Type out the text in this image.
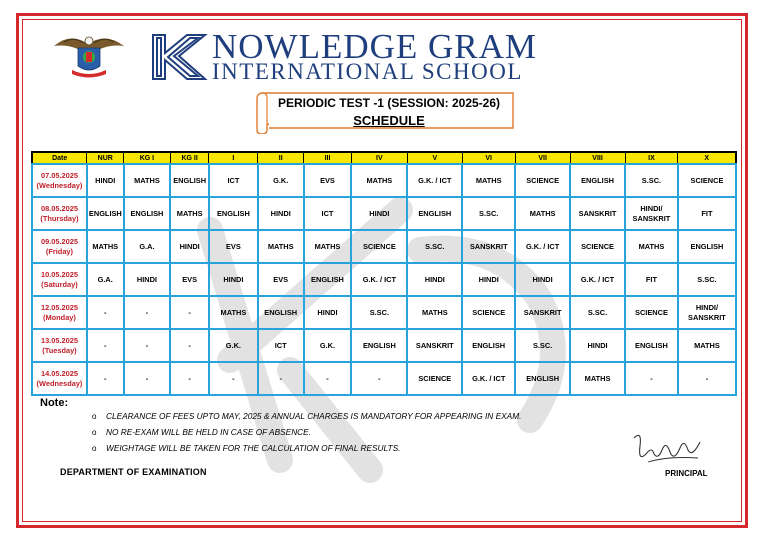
NOWLEDGE GRAM
INTERNATIONAL SCHOOL
PERIODIC TEST -1 (SESSION: 2025-26)
SCHEDULE
Date	NUR	KG I	KG II	I	II	III	IV	V	VI	VII	VIII	IX	X

07.05.2025
(Wednesday)	HINDI	MATHS	ENGLISH	ICT	G.K.	EVS	MATHS	G.K. / ICT	MATHS	SCIENCE	ENGLISH	S.SC.	SCIENCE

08.05.2025
(Thursday)	ENGLISH	ENGLISH	MATHS	ENGLISH	HINDI	ICT	HINDI	ENGLISH	S.SC.	MATHS	SANSKRIT	HINDI/ SANSKRIT	FIT

09.05.2025
(Friday)	MATHS	G.A.	HINDI	EVS	MATHS	MATHS	SCIENCE	S.SC.	SANSKRIT	G.K. / ICT	SCIENCE	MATHS	ENGLISH

10.05.2025
(Saturday)	G.A.	HINDI	EVS	HINDI	EVS	ENGLISH	G.K. / ICT	HINDI	HINDI	HINDI	G.K. / ICT	FIT	S.SC.

12.05.2025
(Monday)	-	-	-	MATHS	ENGLISH	HINDI	S.SC.	MATHS	SCIENCE	SANSKRIT	S.SC.	SCIENCE	HINDI/ SANSKRIT

13.05.2025
(Tuesday)	-	-	-	G.K.	ICT	G.K.	ENGLISH	SANSKRIT	ENGLISH	S.SC.	HINDI	ENGLISH	MATHS

14.05.2025
(Wednesday)	-	-	-	-	-	-	-	SCIENCE	G.K. / ICT	ENGLISH	MATHS	-	-
Note:
o CLEARANCE OF FEES UPTO MAY, 2025 & ANNUAL CHARGES IS MANDATORY FOR APPEARING IN EXAM.
o NO RE-EXAM WILL BE HELD IN CASE OF ABSENCE.
o WEIGHTAGE WILL BE TAKEN FOR THE CALCULATION OF FINAL RESULTS.
DEPARTMENT OF EXAMINATION	PRINCIPAL
